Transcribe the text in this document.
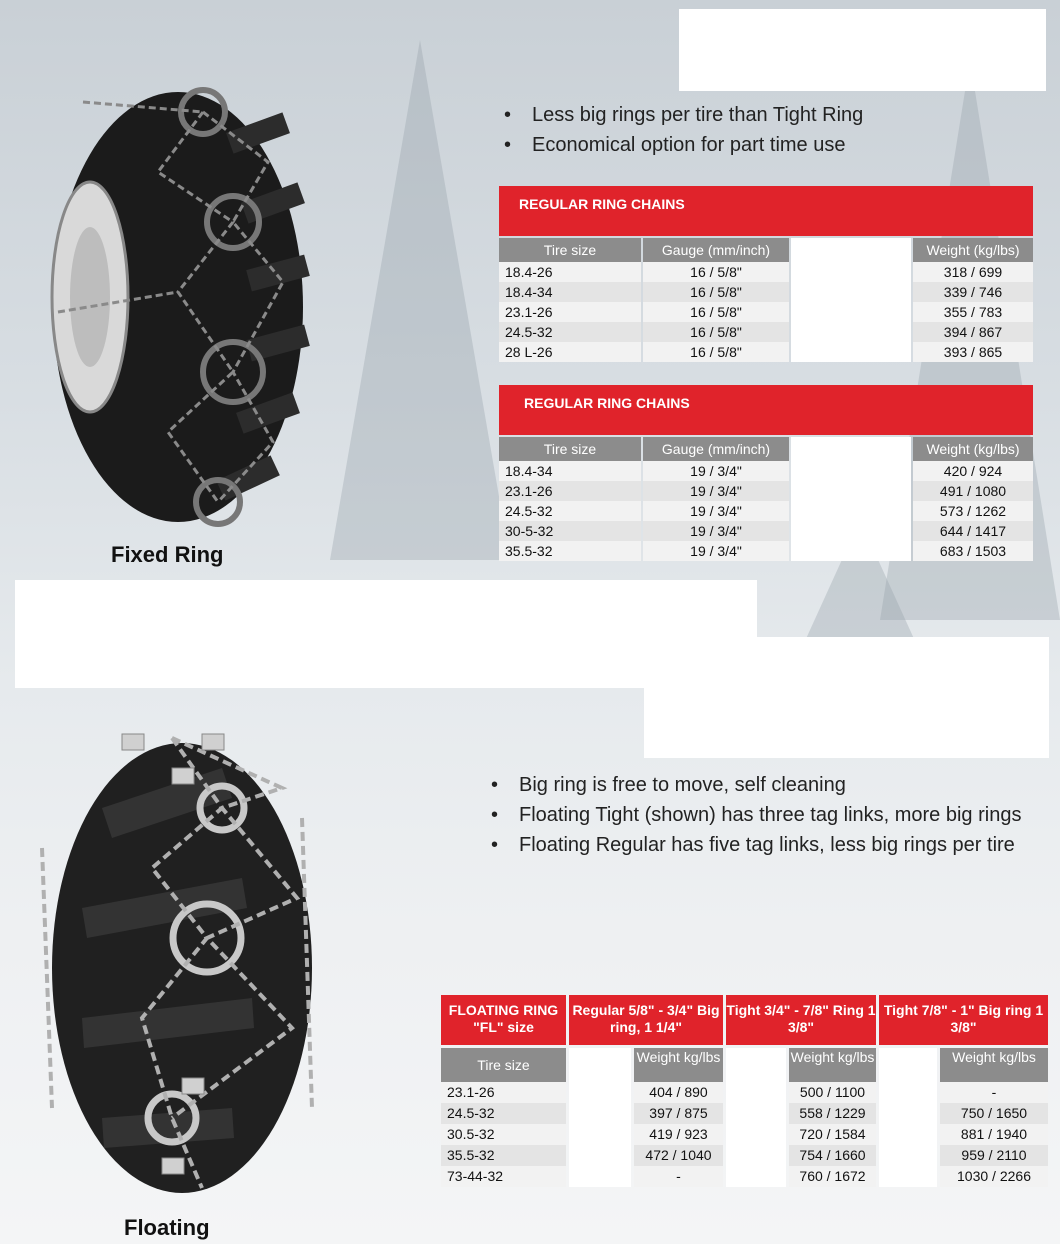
Fixed Ring
• Less big rings per tire than Tight Ring
• Economical option for part time use
REGULAR RING CHAINS
Tire size	Gauge (mm/inch)	Weight (kg/lbs)
18.4-26	16 / 5/8"	318 / 699
18.4-34	16 / 5/8"	339 / 746
23.1-26	16 / 5/8"	355 / 783
24.5-32	16 / 5/8"	394 / 867
28 L-26	16 / 5/8"	393 / 865
REGULAR RING CHAINS
Tire size	Gauge (mm/inch)	Weight (kg/lbs)
18.4-34	19 / 3/4"	420 / 924
23.1-26	19 / 3/4"	491 / 1080
24.5-32	19 / 3/4"	573 / 1262
30-5-32	19 / 3/4"	644 / 1417
35.5-32	19 / 3/4"	683 / 1503
Floating
• Big ring is free to move, self cleaning
• Floating Tight (shown) has three tag links, more big rings
• Floating Regular has five tag links, less big rings per tire
FLOATING RING "FL" size
Regular 5/8" - 3/4" Big ring, 1 1/4"
Tight 3/4" - 7/8" Ring 1 3/8"
Tight 7/8" - 1" Big ring 1 3/8"
Tire size	Weight kg/lbs	Weight kg/lbs	Weight kg/lbs
23.1-26	404 / 890	500 / 1100	-
24.5-32	397 / 875	558 / 1229	750 / 1650
30.5-32	419 / 923	720 / 1584	881 / 1940
35.5-32	472 / 1040	754 / 1660	959 / 2110
73-44-32	-	760 / 1672	1030 / 2266
